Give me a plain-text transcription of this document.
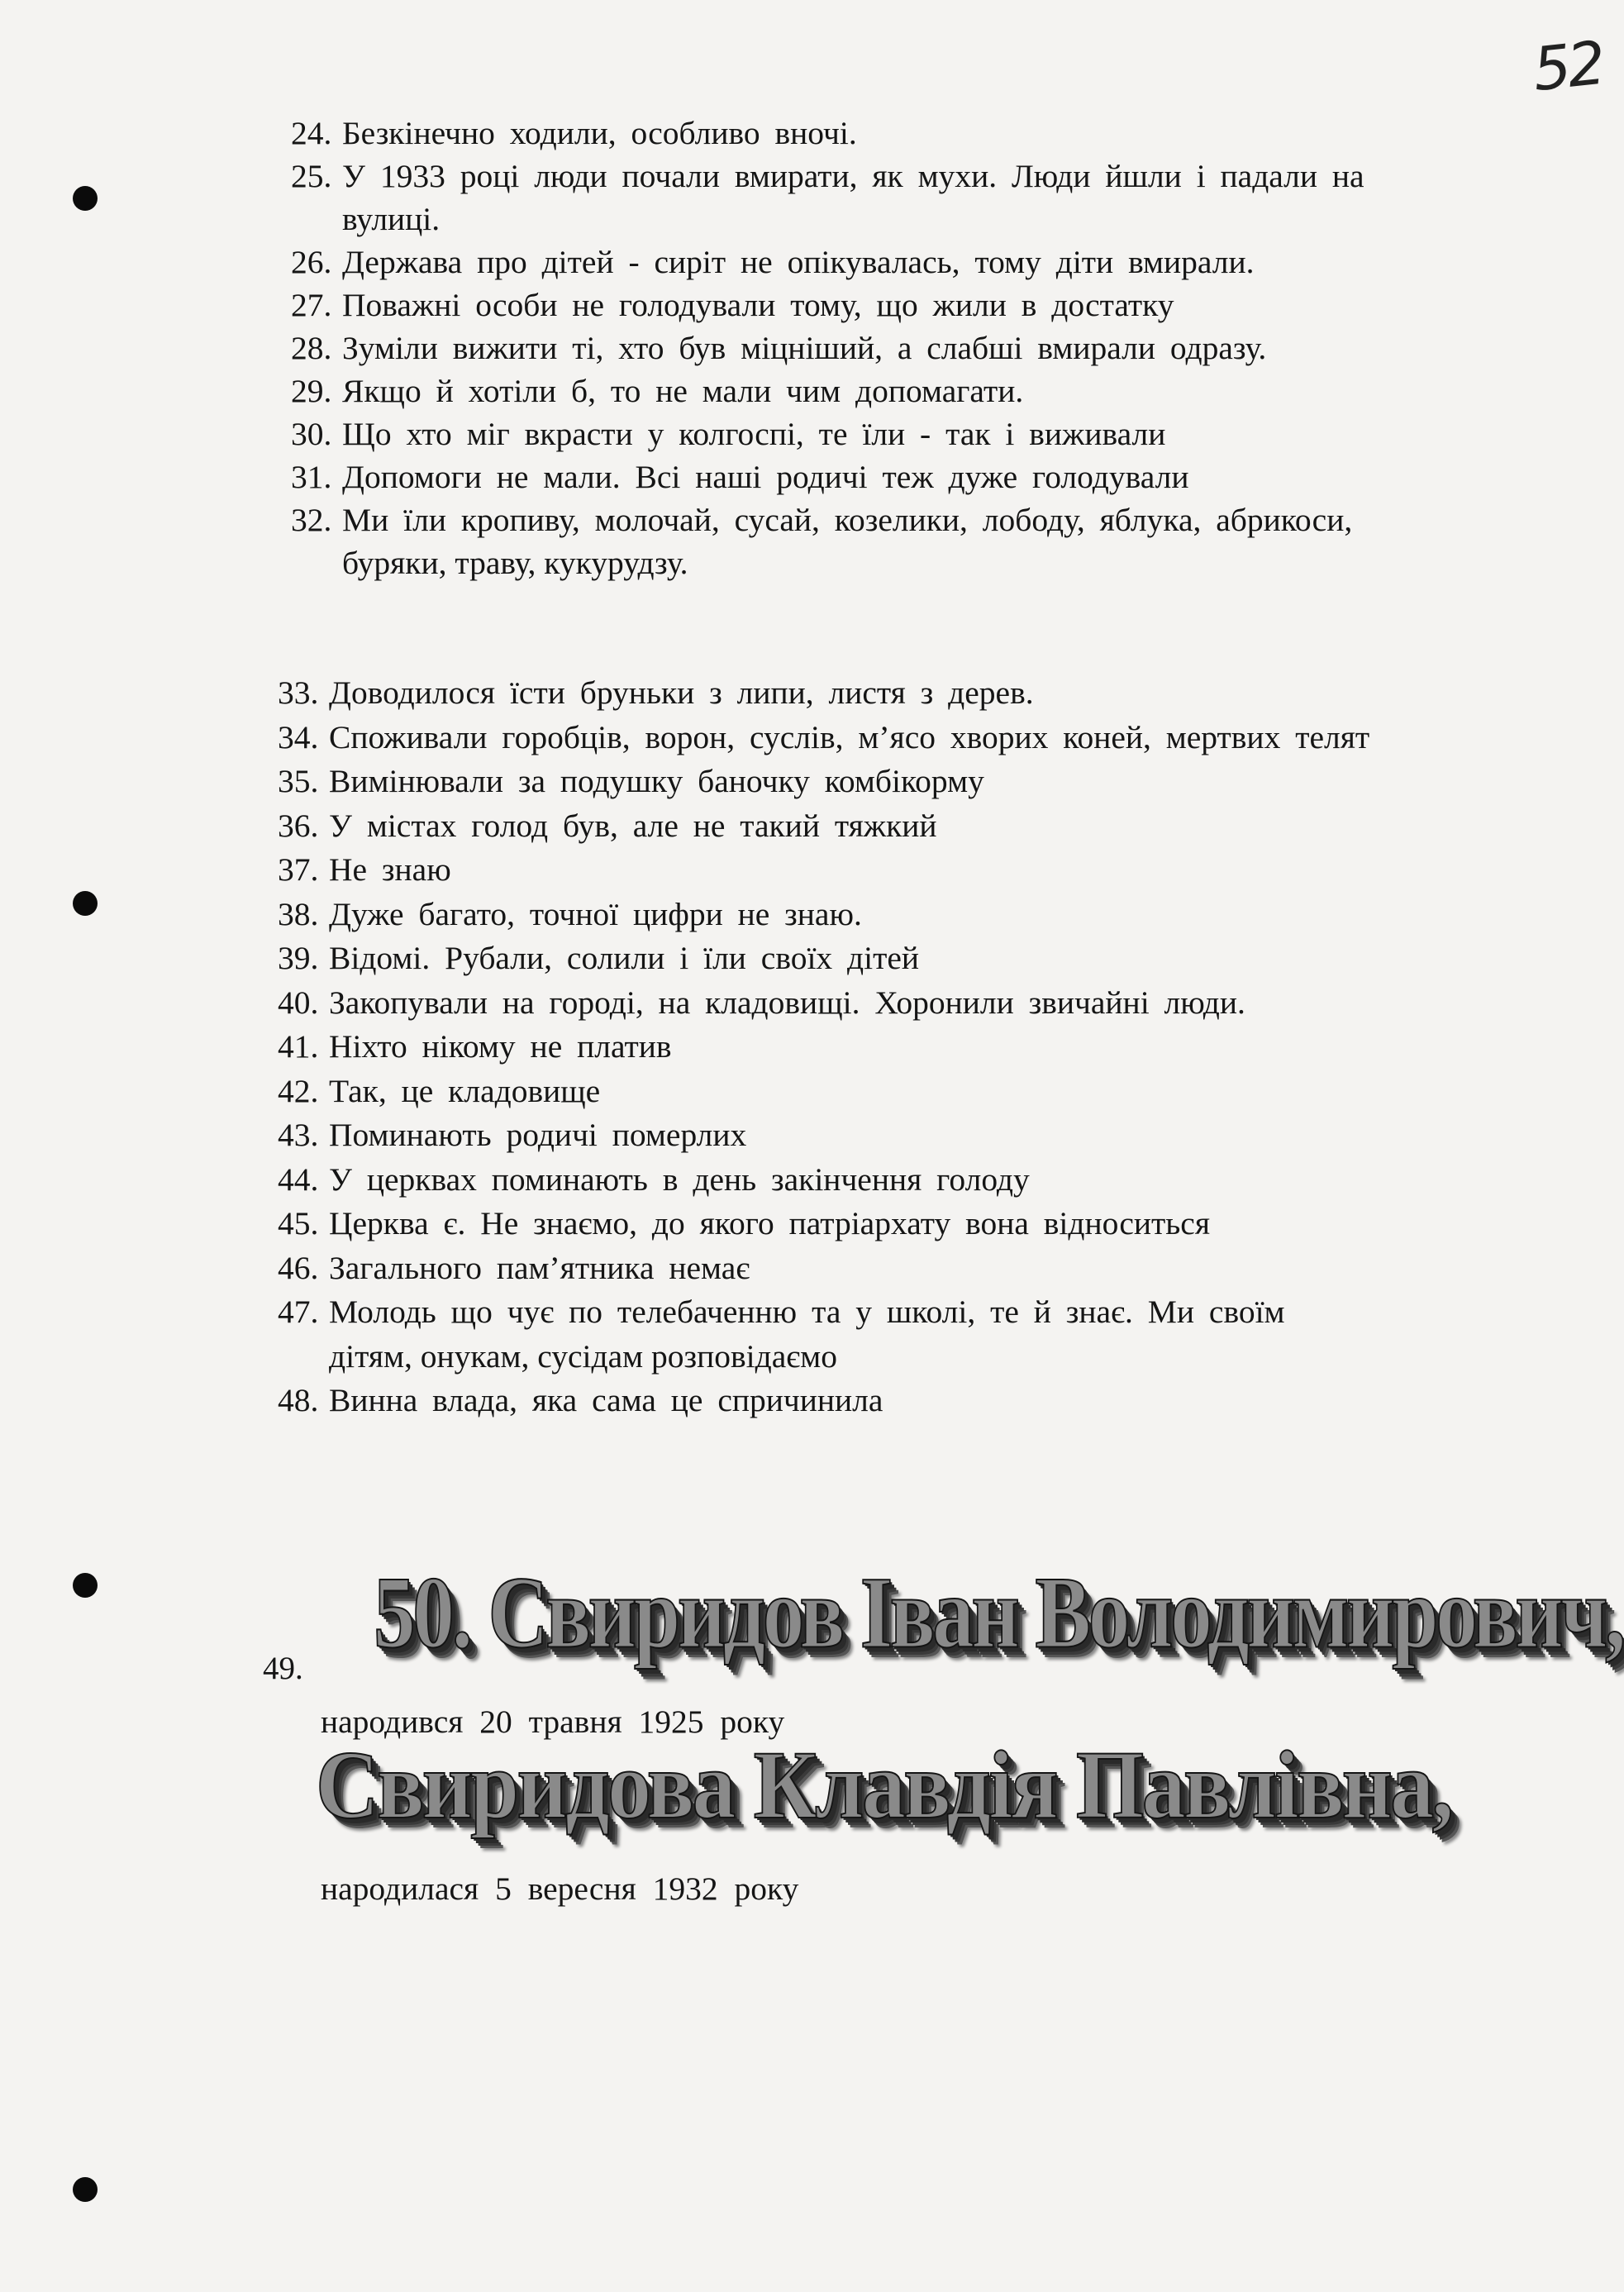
52
24. Безкінечно ходили, особливо вночі.
25. У 1933 році люди почали вмирати, як мухи. Люди йшли і падали на
вулиці.
26. Держава про дітей - сиріт не опікувалась, тому діти вмирали.
27. Поважні особи не голодували тому, що жили в достатку
28. Зуміли вижити ті, хто був міцніший, а слабші вмирали одразу.
29. Якщо й хотіли б, то не мали чим допомагати.
30. Що хто міг вкрасти у колгоспі, те їли - так і виживали
31. Допомоги не мали. Всі наші родичі теж дуже голодували
32. Ми їли кропиву, молочай, сусай, козелики, лободу, яблука, абрикоси,
буряки, траву, кукурудзу.
33. Доводилося їсти бруньки з липи, листя з дерев.
34. Споживали горобців, ворон, суслів, м’ясо хворих коней, мертвих телят
35. Вимінювали за подушку баночку комбікорму
36. У містах голод був, але не такий тяжкий
37. Не знаю
38. Дуже багато, точної цифри не знаю.
39. Відомі. Рубали, солили і їли своїх дітей
40. Закопували на городі, на кладовищі. Хоронили звичайні люди.
41. Ніхто нікому не платив
42. Так, це кладовище
43. Поминають родичі померлих
44. У церквах поминають в день закінчення голоду
45. Церква є. Не знаємо, до якого патріархату вона відноситься
46. Загального пам’ятника немає
47. Молодь що чує по телебаченню та у школі, те й знає. Ми своїм
дітям, онукам, сусідам розповідаємо
48. Винна влада, яка сама це спричинила
49. 50. Свиридов Іван Володимирович,
народився 20 травня 1925 року
Свиридова Клавдія Павлівна,
народилася 5 вересня 1932 року
